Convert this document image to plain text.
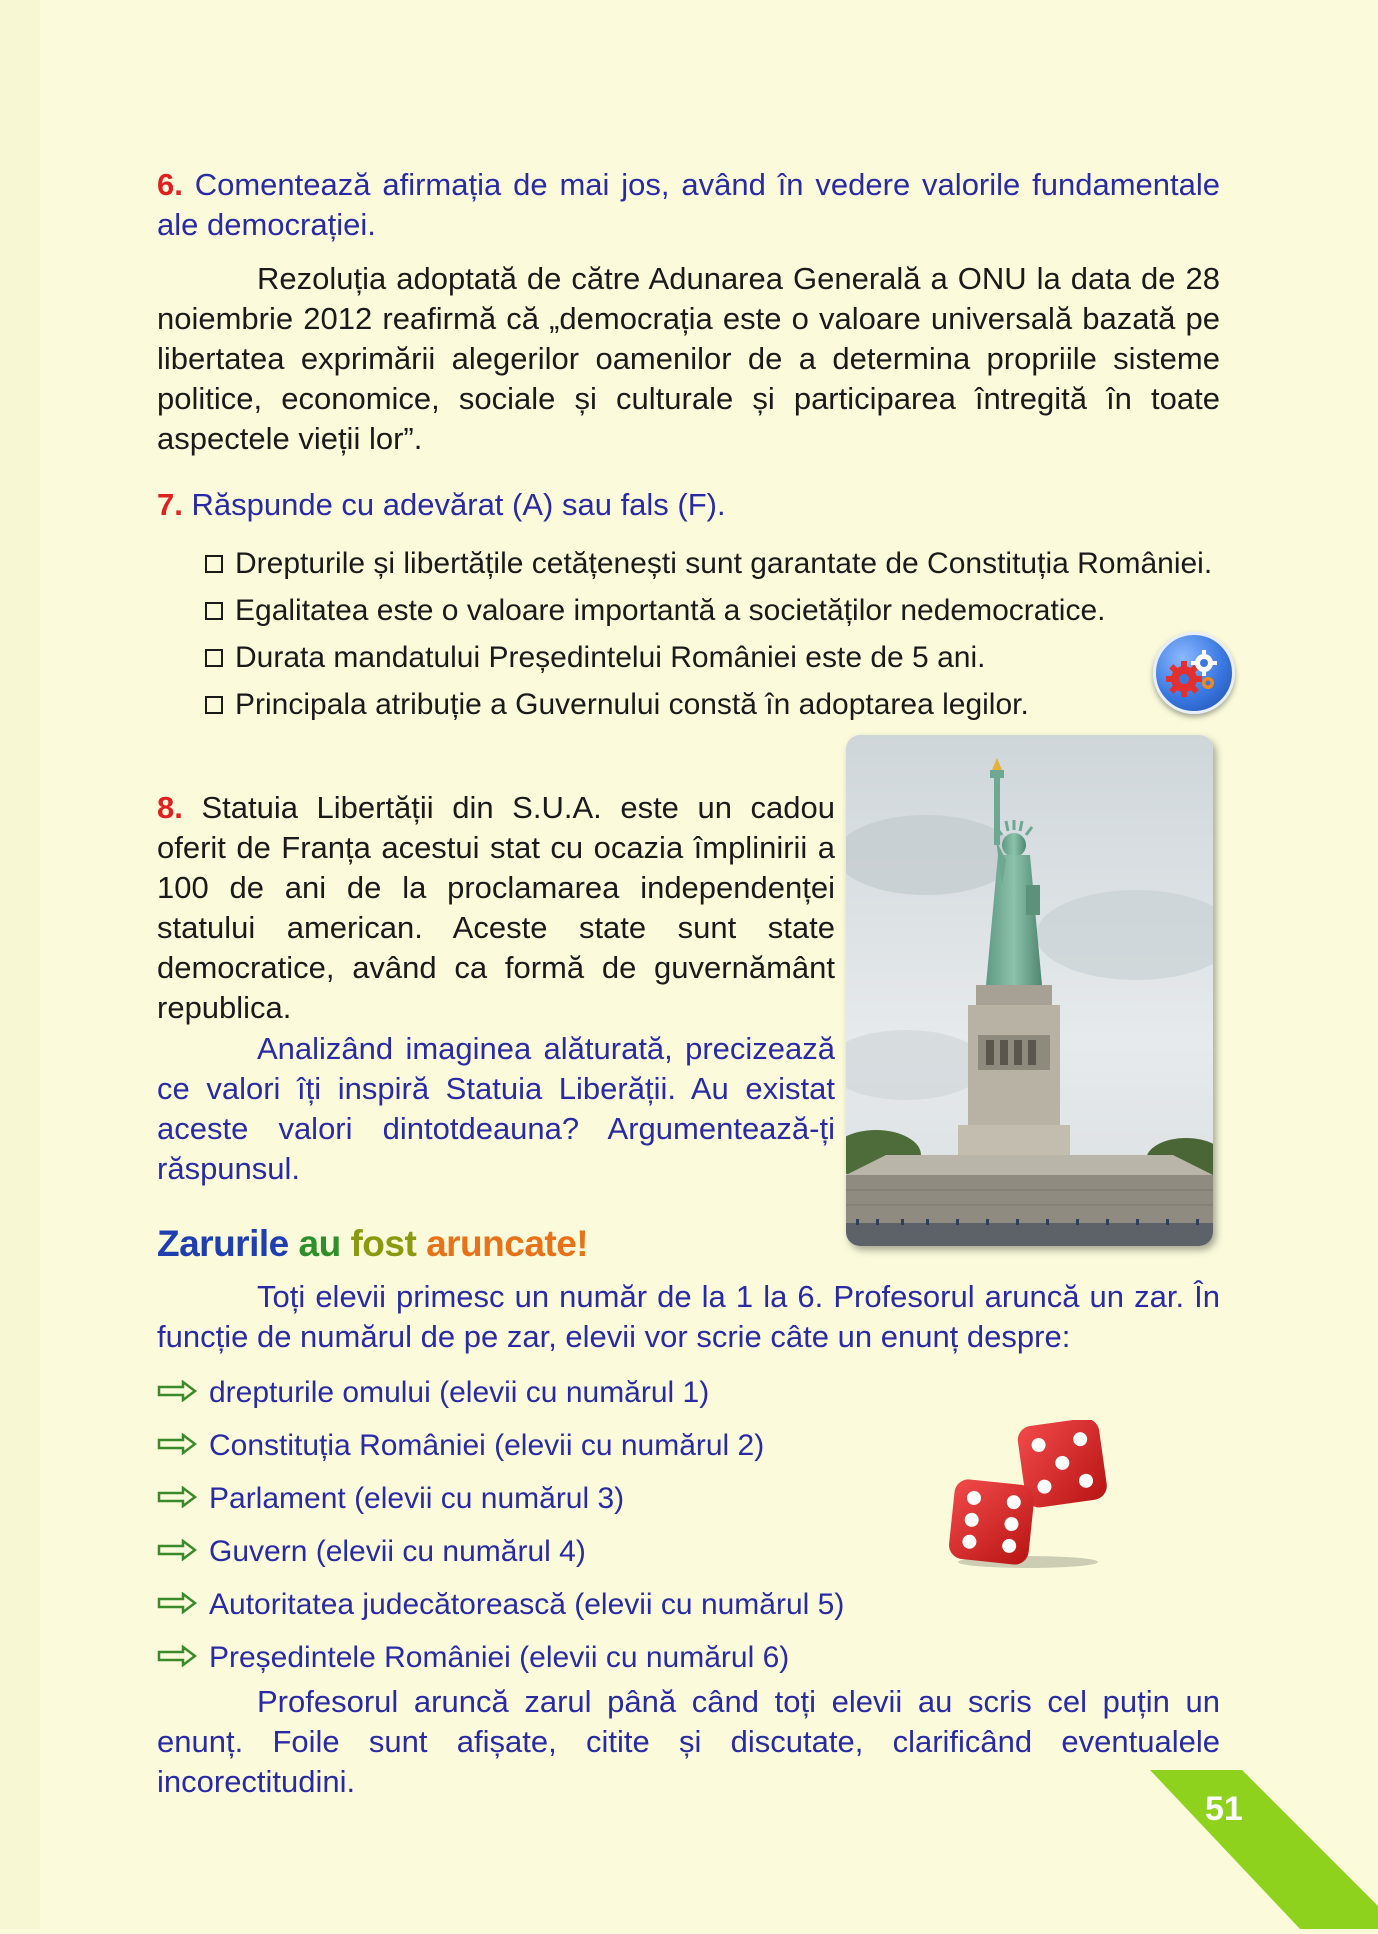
6. Comentează afirmația de mai jos, având în vedere valorile fundamentale ale democrației.
Rezoluția adoptată de către Adunarea Generală a ONU la data de 28 noiembrie 2012 reafirmă că „democrația este o valoare universală bazată pe libertatea exprimării alegerilor oamenilor de a determina propriile sisteme politice, economice, sociale și culturale și participarea întregită în toate aspectele vieții lor”.
7. Răspunde cu adevărat (A) sau fals (F).
Drepturile și libertățile cetățenești sunt garantate de Constituția României.
Egalitatea este o valoare importantă a societăților nedemocratice.
Durata mandatului Președintelui României este de 5 ani.
Principala atribuție a Guvernului constă în adoptarea legilor.
8. Statuia Libertății din S.U.A. este un cadou oferit de Franța acestui stat cu ocazia împlinirii a 100 de ani de la proclamarea independenței statului american. Aceste state sunt state democratice, având ca formă de guvernământ republica.
Analizând imaginea alăturată, precizează ce valori îți inspiră Statuia Liberății. Au existat aceste valori dintotdeauna? Argumentează-ți răspunsul.
Zarurile au fost aruncate!
Toți elevii primesc un număr de la 1 la 6. Profesorul aruncă un zar. În funcție de numărul de pe zar, elevii vor scrie câte un enunț despre:
drepturile omului (elevii cu numărul 1)
Constituția României (elevii cu numărul 2)
Parlament (elevii cu numărul 3)
Guvern (elevii cu numărul 4)
Autoritatea judecătorească (elevii cu numărul 5)
Președintele României (elevii cu numărul 6)
Profesorul aruncă zarul până când toți elevii au scris cel puțin un enunț. Foile sunt afișate, citite și discutate, clarificând eventualele incorectitudini.
51
